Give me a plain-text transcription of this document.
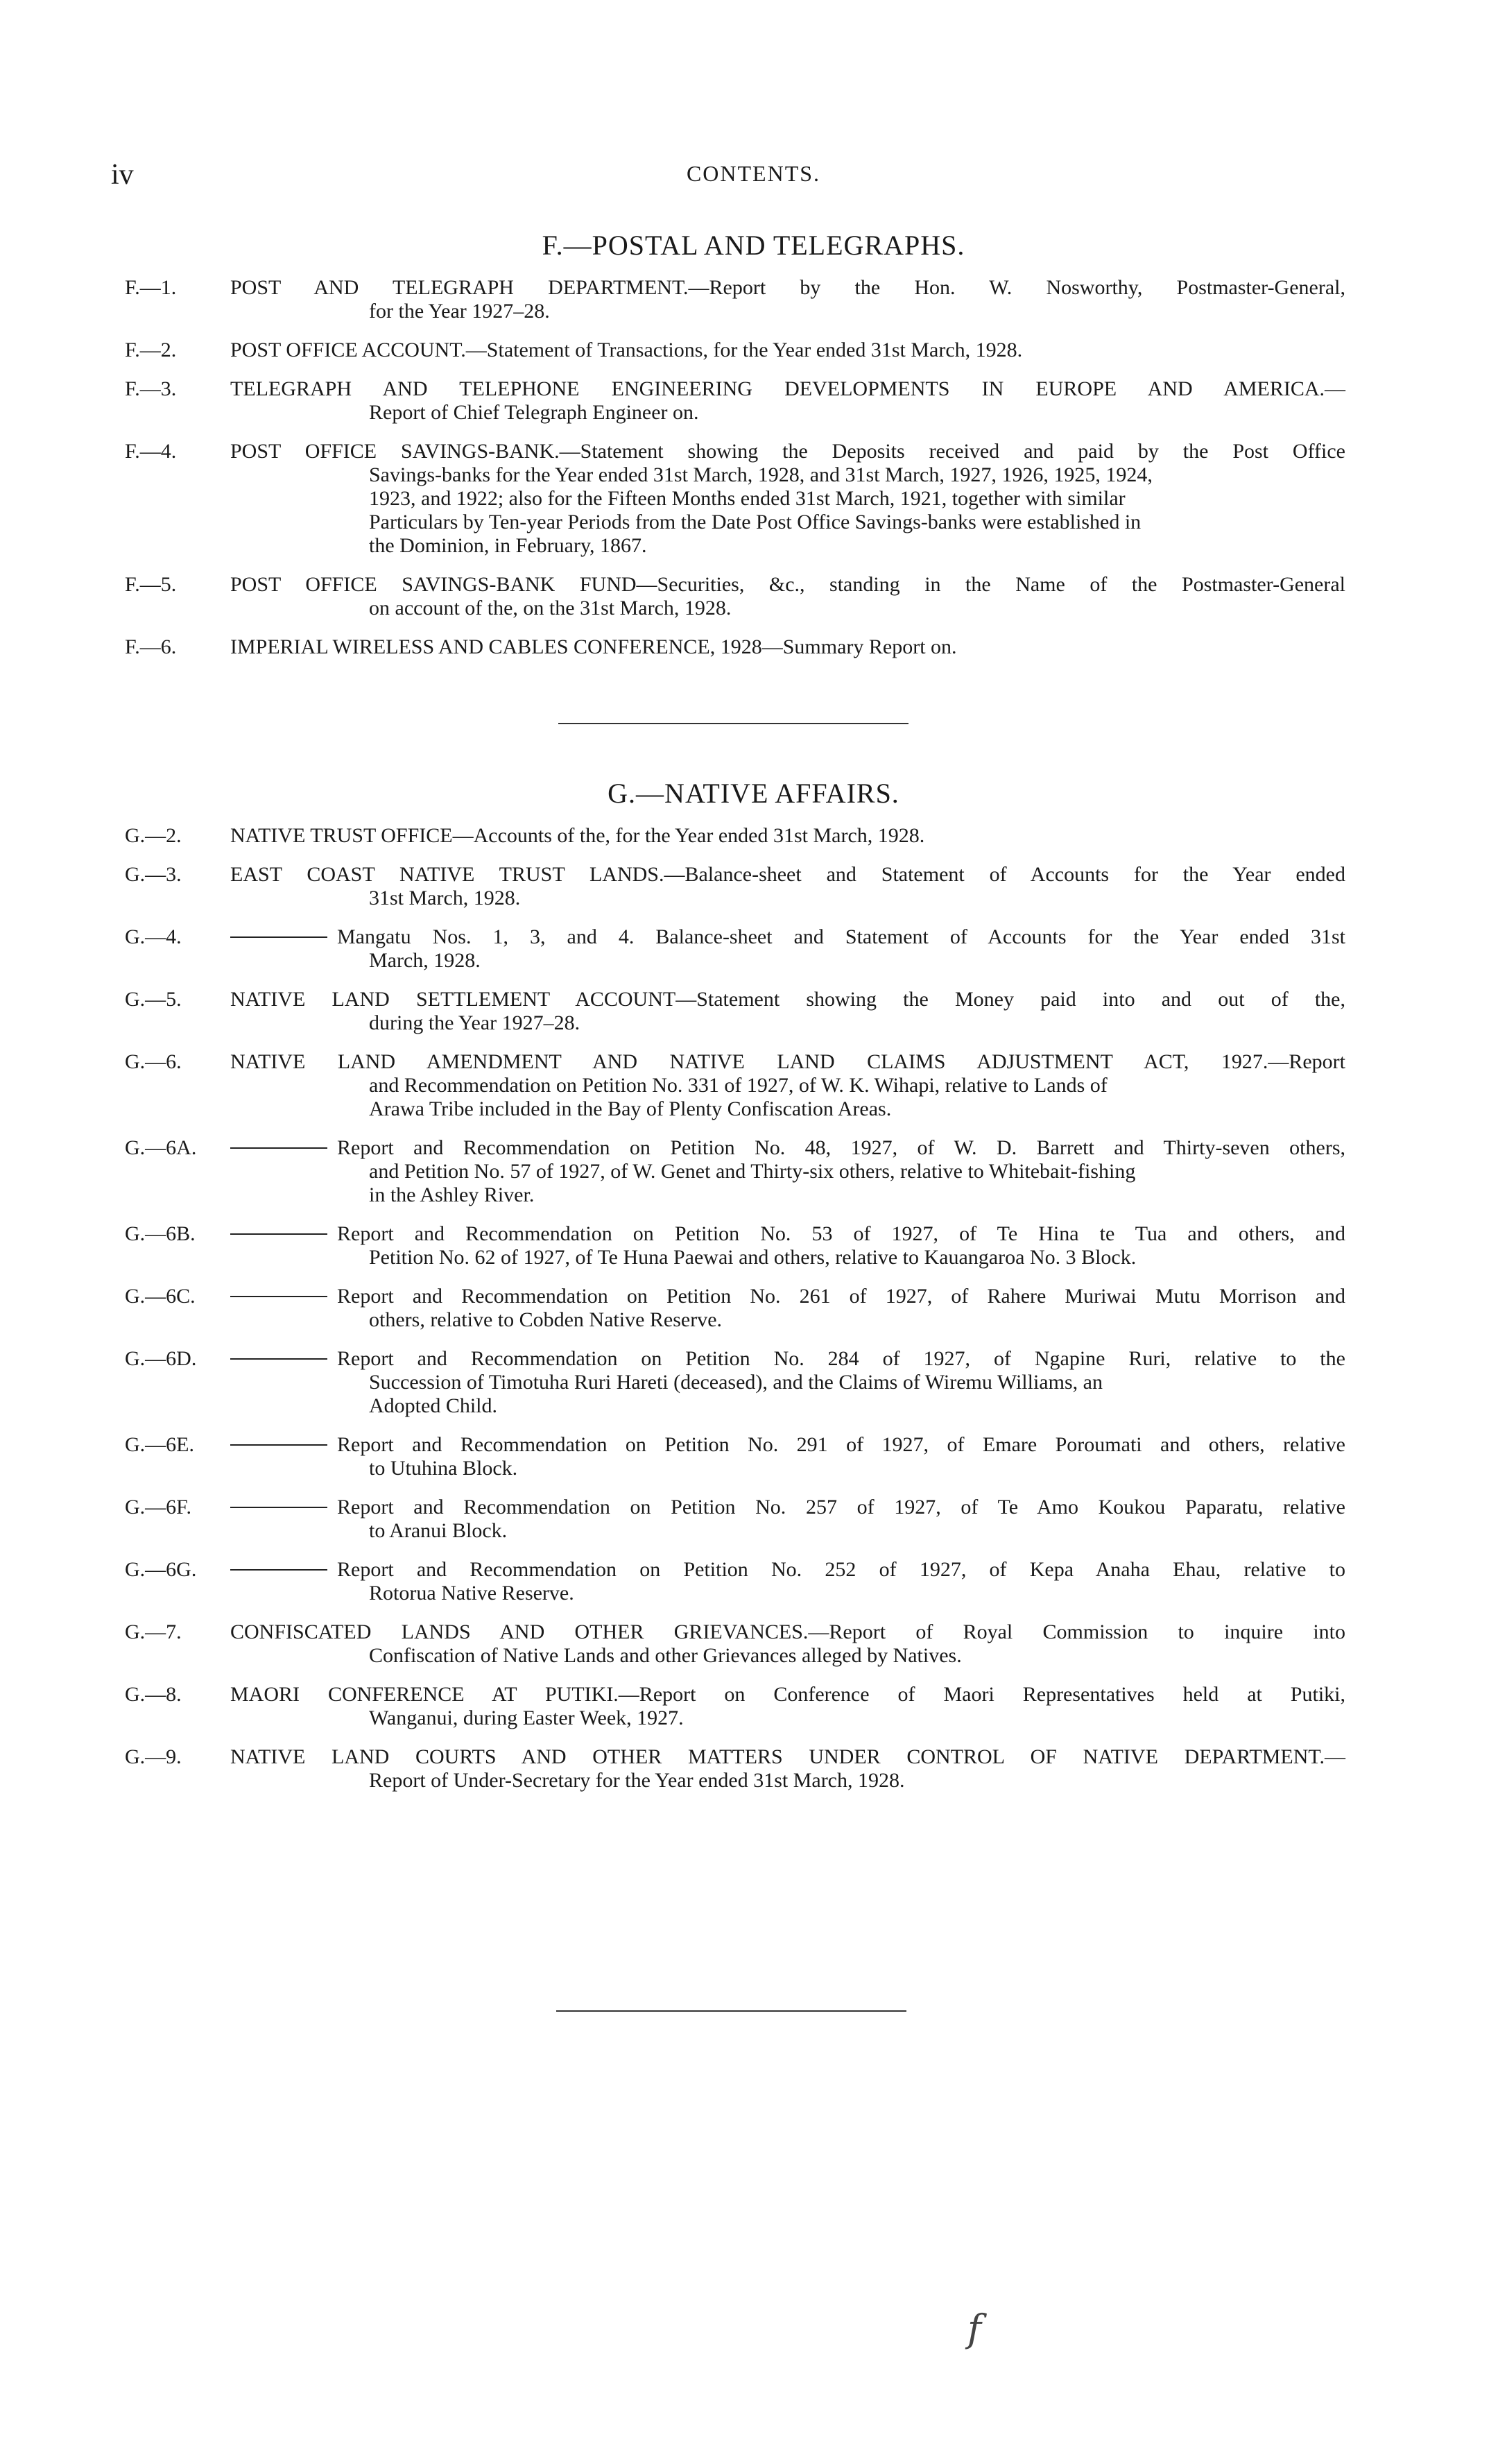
iv	CONTENTS.
F.—POSTAL AND TELEGRAPHS.
F.—1.	POST AND TELEGRAPH DEPARTMENT.—Report by the Hon. W. Nosworthy, Postmaster-General,
for the Year 1927–28.
F.—2.	POST OFFICE ACCOUNT.—Statement of Transactions, for the Year ended 31st March, 1928.
F.—3.	TELEGRAPH AND TELEPHONE ENGINEERING DEVELOPMENTS IN EUROPE AND AMERICA.—
Report of Chief Telegraph Engineer on.
F.—4.	POST OFFICE SAVINGS-BANK.—Statement showing the Deposits received and paid by the Post Office
Savings-banks for the Year ended 31st March, 1928, and 31st March, 1927, 1926, 1925, 1924,
1923, and 1922; also for the Fifteen Months ended 31st March, 1921, together with similar
Particulars by Ten-year Periods from the Date Post Office Savings-banks were established in
the Dominion, in February, 1867.
F.—5.	POST OFFICE SAVINGS-BANK FUND—Securities, &c., standing in the Name of the Postmaster-General
on account of the, on the 31st March, 1928.
F.—6.	IMPERIAL WIRELESS AND CABLES CONFERENCE, 1928—Summary Report on.
G.—NATIVE AFFAIRS.
G.—2.	NATIVE TRUST OFFICE—Accounts of the, for the Year ended 31st March, 1928.
G.—3.	EAST COAST NATIVE TRUST LANDS.—Balance-sheet and Statement of Accounts for the Year ended
31st March, 1928.
G.—4.	Mangatu Nos. 1, 3, and 4. Balance-sheet and Statement of Accounts for the Year ended 31st
March, 1928.
G.—5.	NATIVE LAND SETTLEMENT ACCOUNT—Statement showing the Money paid into and out of the,
during the Year 1927–28.
G.—6.	NATIVE LAND AMENDMENT AND NATIVE LAND CLAIMS ADJUSTMENT ACT, 1927.—Report
and Recommendation on Petition No. 331 of 1927, of W. K. Wihapi, relative to Lands of
Arawa Tribe included in the Bay of Plenty Confiscation Areas.
G.—6A.	Report and Recommendation on Petition No. 48, 1927, of W. D. Barrett and Thirty-seven others,
and Petition No. 57 of 1927, of W. Genet and Thirty-six others, relative to Whitebait-fishing
in the Ashley River.
G.—6B.	Report and Recommendation on Petition No. 53 of 1927, of Te Hina te Tua and others, and
Petition No. 62 of 1927, of Te Huna Paewai and others, relative to Kauangaroa No. 3 Block.
G.—6C.	Report and Recommendation on Petition No. 261 of 1927, of Rahere Muriwai Mutu Morrison and
others, relative to Cobden Native Reserve.
G.—6D.	Report and Recommendation on Petition No. 284 of 1927, of Ngapine Ruri, relative to the
Succession of Timotuha Ruri Hareti (deceased), and the Claims of Wiremu Williams, an
Adopted Child.
G.—6E.	Report and Recommendation on Petition No. 291 of 1927, of Emare Poroumati and others, relative
to Utuhina Block.
G.—6F.	Report and Recommendation on Petition No. 257 of 1927, of Te Amo Koukou Paparatu, relative
to Aranui Block.
G.—6G.	Report and Recommendation on Petition No. 252 of 1927, of Kepa Anaha Ehau, relative to
Rotorua Native Reserve.
G.—7.	CONFISCATED LANDS AND OTHER GRIEVANCES.—Report of Royal Commission to inquire into
Confiscation of Native Lands and other Grievances alleged by Natives.
G.—8.	MAORI CONFERENCE AT PUTIKI.—Report on Conference of Maori Representatives held at Putiki,
Wanganui, during Easter Week, 1927.
G.—9.	NATIVE LAND COURTS AND OTHER MATTERS UNDER CONTROL OF NATIVE DEPARTMENT.—
Report of Under-Secretary for the Year ended 31st March, 1928.
f
